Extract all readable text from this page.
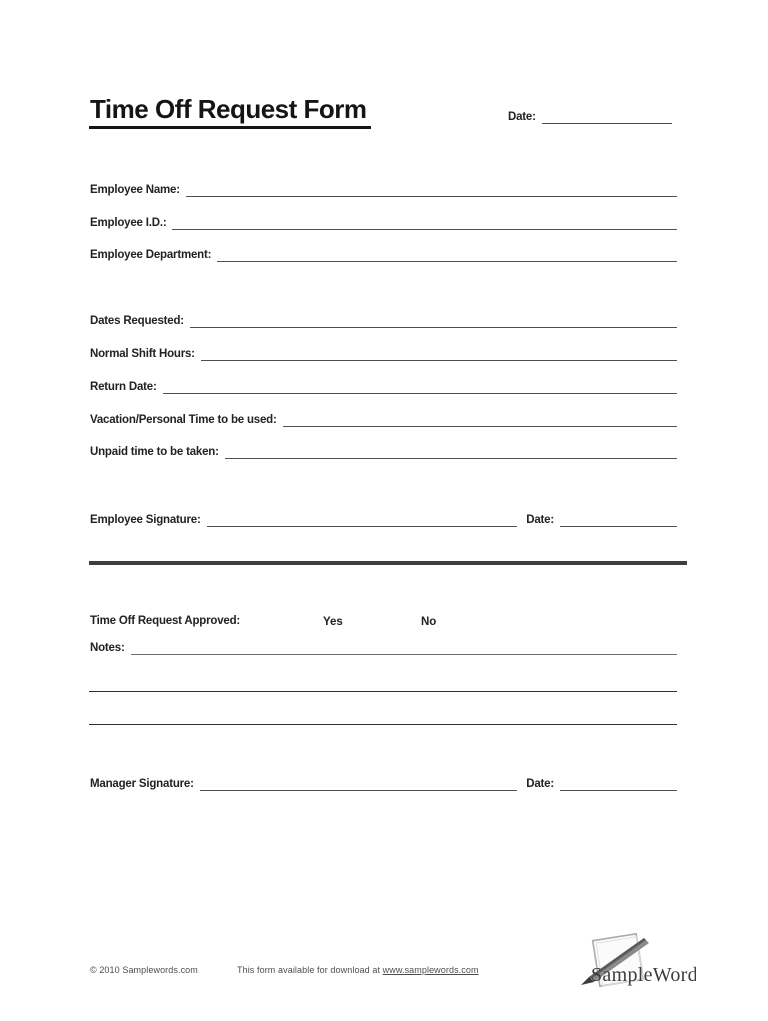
Time Off Request Form	Date:
Employee Name:
Employee I.D.:
Employee Department:
Dates Requested:
Normal Shift Hours:
Return Date:
Vacation/Personal Time to be used:
Unpaid time to be taken:
Employee Signature:	Date:
Time Off Request Approved:	Yes	No
Notes:
Manager Signature:	Date:
© 2010 Samplewords.com	This form available for download at www.samplewords.com	SampleWords
